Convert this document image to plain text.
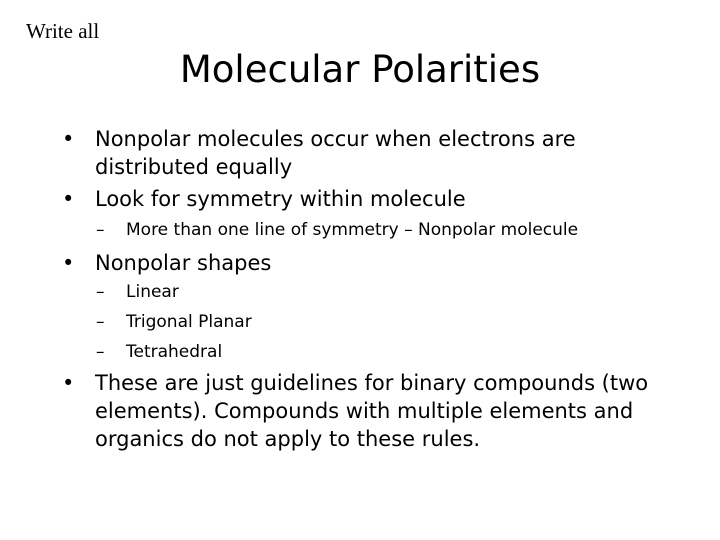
Write all
Molecular Polarities
• Nonpolar molecules occur when electrons are
distributed equally
• Look for symmetry within molecule
– More than one line of symmetry – Nonpolar molecule
• Nonpolar shapes
– Linear
– Trigonal Planar
– Tetrahedral
• These are just guidelines for binary compounds (two elements). Compounds with multiple elements and organics do not apply to these rules.
